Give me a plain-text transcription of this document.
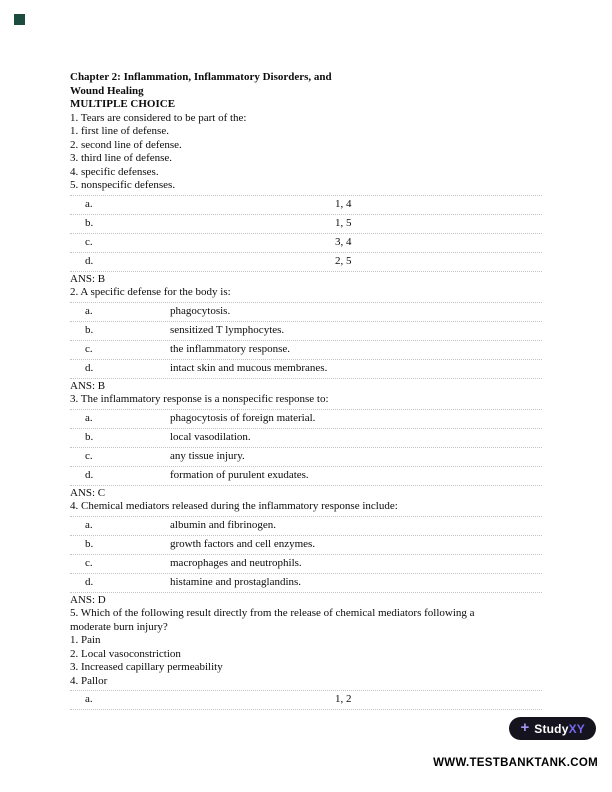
Chapter 2: Inflammation, Inflammatory Disorders, and
Wound Healing
MULTIPLE CHOICE
1. Tears are considered to be part of the:
1. first line of defense.
2. second line of defense.
3. third line of defense.
4. specific defenses.
5. nonspecific defenses.
a.	1, 4
b.	1, 5
c.	3, 4
d.	2, 5
ANS: B
2. A specific defense for the body is:
a.	phagocytosis.
b.	sensitized T lymphocytes.
c.	the inflammatory response.
d.	intact skin and mucous membranes.
ANS: B
3. The inflammatory response is a nonspecific response to:
a.	phagocytosis of foreign material.
b.	local vasodilation.
c.	any tissue injury.
d.	formation of purulent exudates.
ANS: C
4. Chemical mediators released during the inflammatory response include:
a.	albumin and fibrinogen.
b.	growth factors and cell enzymes.
c.	macrophages and neutrophils.
d.	histamine and prostaglandins.
ANS: D
5. Which of the following result directly from the release of chemical mediators following a
moderate burn injury?
1. Pain
2. Local vasoconstriction
3. Increased capillary permeability
4. Pallor
a.	1, 2
+ StudyXY
WWW.TESTBANKTANK.COM
